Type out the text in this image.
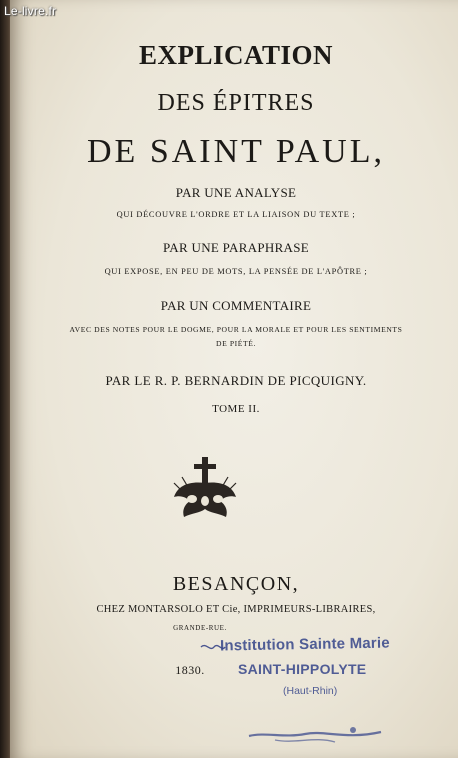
Le-livre.fr
EXPLICATION
DES ÉPITRES
DE SAINT PAUL,
PAR UNE ANALYSE
QUI DÉCOUVRE L'ORDRE ET LA LIAISON DU TEXTE ;
PAR UNE PARAPHRASE
QUI EXPOSE, EN PEU DE MOTS, LA PENSÉE DE L'APÔTRE ;
PAR UN COMMENTAIRE
AVEC DES NOTES POUR LE DOGME, POUR LA MORALE ET POUR LES SENTIMENTS
DE PIÉTÉ.
PAR LE R. P. BERNARDIN DE PICQUIGNY.
TOME II.
BESANÇON,
CHEZ MONTARSOLO ET Cie, IMPRIMEURS-LIBRAIRES,
GRANDE-RUE.
1830.
Institution Sainte Marie
SAINT-HIPPOLYTE
(Haut-Rhin)
